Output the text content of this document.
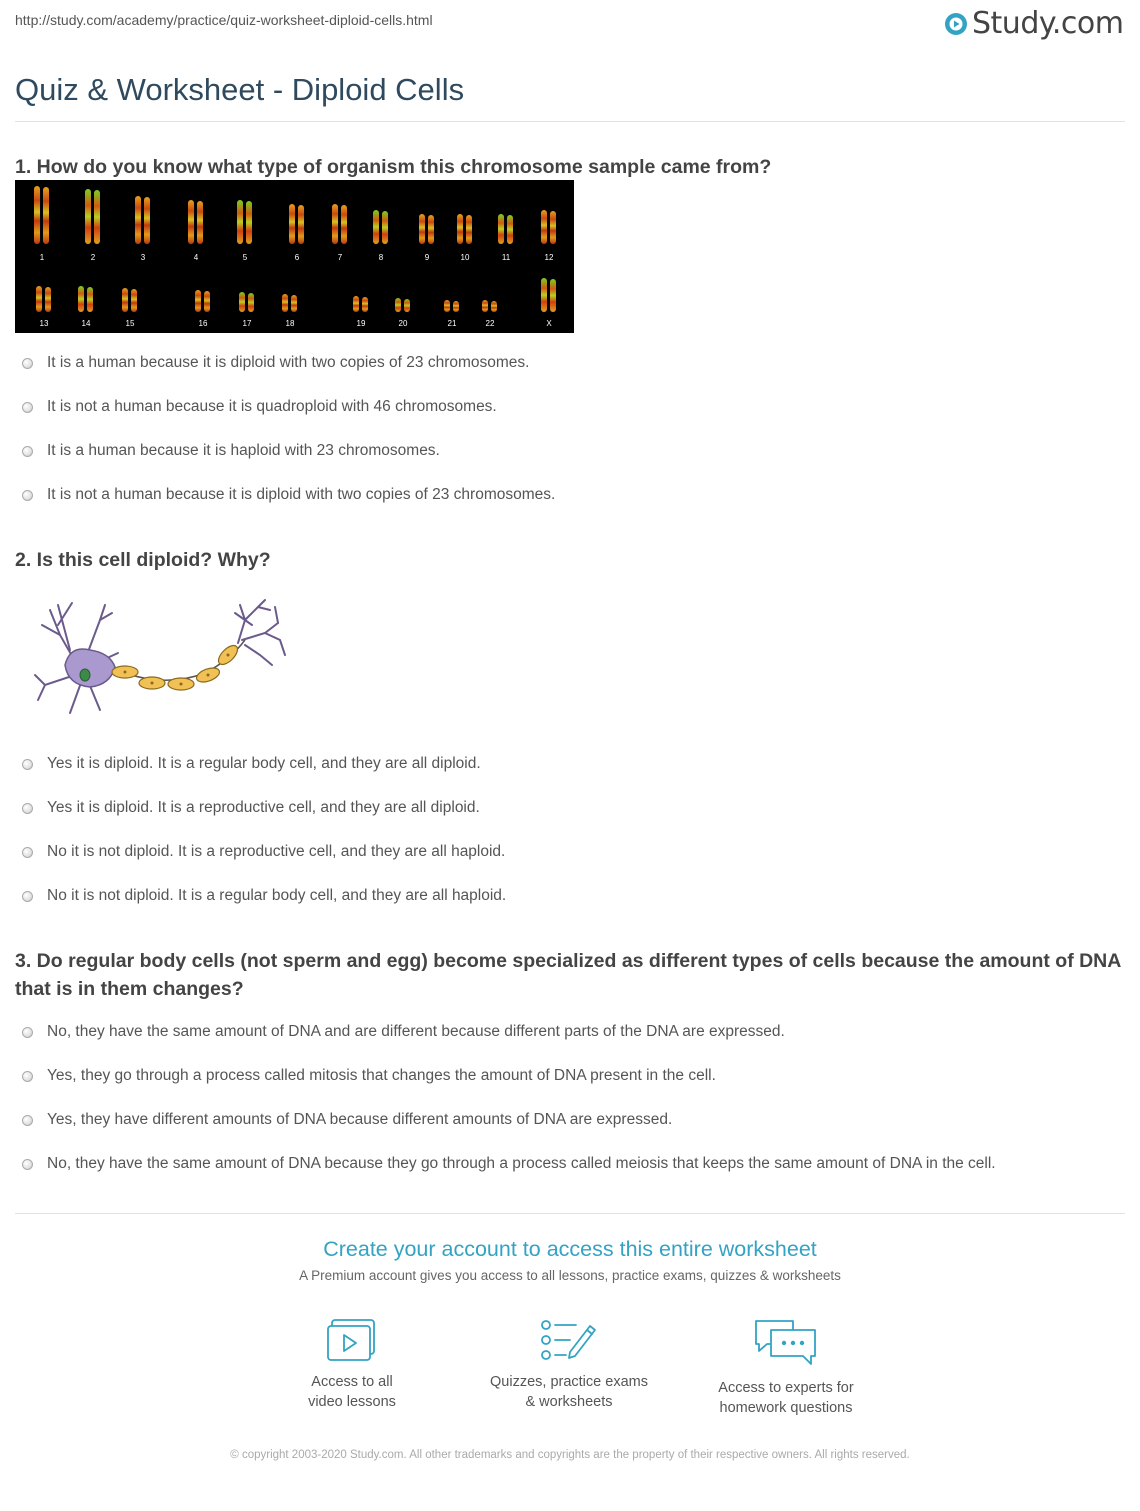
http://study.com/academy/practice/quiz-worksheet-diploid-cells.html	Study.com
Quiz & Worksheet - Diploid Cells
1. How do you know what type of organism this chromosome sample came from?
1	2	3	4	5	6	7	8	9	10	11	12
13	14	15	16	17	18	19	20	21	22	X
It is a human because it is diploid with two copies of 23 chromosomes.
It is not a human because it is quadroploid with 46 chromosomes.
It is a human because it is haploid with 23 chromosomes.
It is not a human because it is diploid with two copies of 23 chromosomes.
2. Is this cell diploid? Why?
Yes it is diploid. It is a regular body cell, and they are all diploid.
Yes it is diploid. It is a reproductive cell, and they are all diploid.
No it is not diploid. It is a reproductive cell, and they are all haploid.
No it is not diploid. It is a regular body cell, and they are all haploid.
3. Do regular body cells (not sperm and egg) become specialized as different types of cells because the amount of DNA that is in them changes?
No, they have the same amount of DNA and are different because different parts of the DNA are expressed.
Yes, they go through a process called mitosis that changes the amount of DNA present in the cell.
Yes, they have different amounts of DNA because different amounts of DNA are expressed.
No, they have the same amount of DNA because they go through a process called meiosis that keeps the same amount of DNA in the cell.
Create your account to access this entire worksheet
A Premium account gives you access to all lessons, practice exams, quizzes & worksheets
Access to all
video lessons
Quizzes, practice exams
& worksheets
Access to experts for
homework questions
© copyright 2003-2020 Study.com. All other trademarks and copyrights are the property of their respective owners. All rights reserved.
